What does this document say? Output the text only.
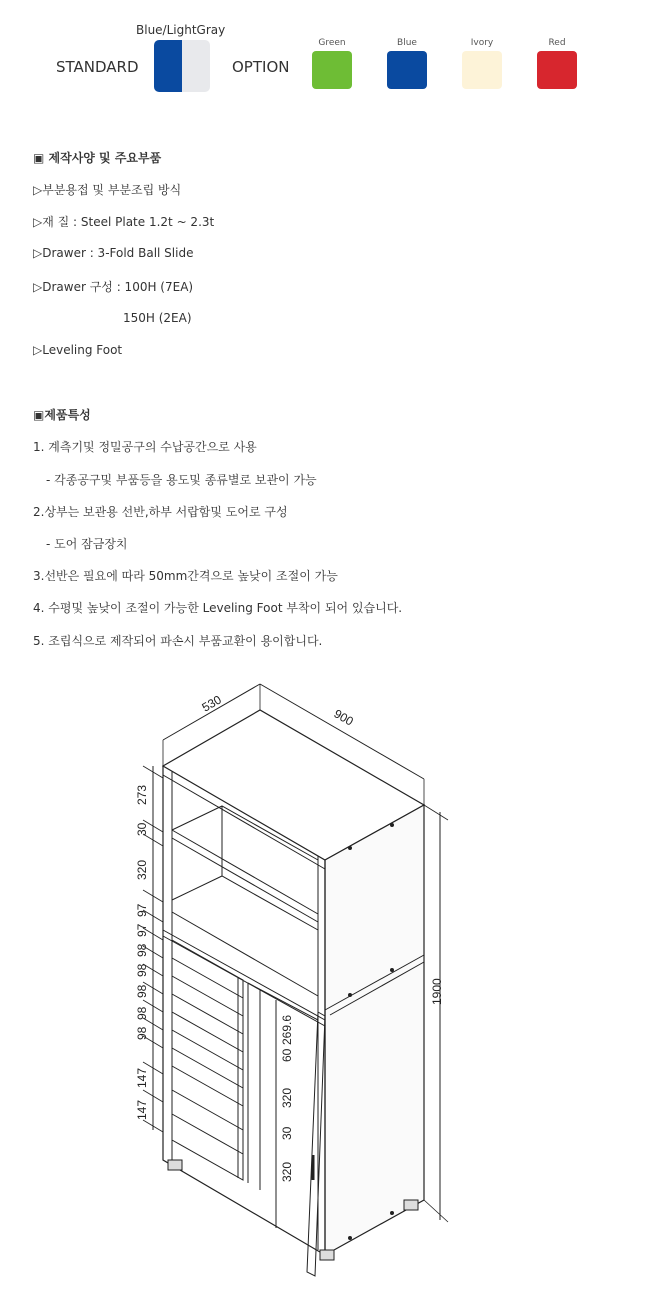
STANDARD
Blue/LightGray
OPTION
Green	Blue	Ivory	Red
▣ 제작사양 및 주요부품
▷부분용접 및 부분조립 방식
▷재 질 : Steel Plate 1.2t ~ 2.3t
▷Drawer : 3-Fold Ball Slide
▷Drawer 구성 : 100H (7EA)
150H (2EA)
▷Leveling Foot
▣제품특성
1. 계측기및 정밀공구의 수납공간으로 사용
- 각종공구및 부품등을 용도및 종류별로 보관이 가능
2.상부는 보관용 선반,하부 서랍함및 도어로 구성
- 도어 잠금장치
3.선반은 필요에 따라 50mm간격으로 높낮이 조절이 가능
4. 수평및 높낮이 조절이 가능한 Leveling Foot 부착이 되어 있습니다.
5. 조립식으로 제작되어 파손시 부품교환이 용이합니다.
530
900
1900
273
30
320
97
97
98
98
98
98
98
147
147
269.6
60
320
30
320
